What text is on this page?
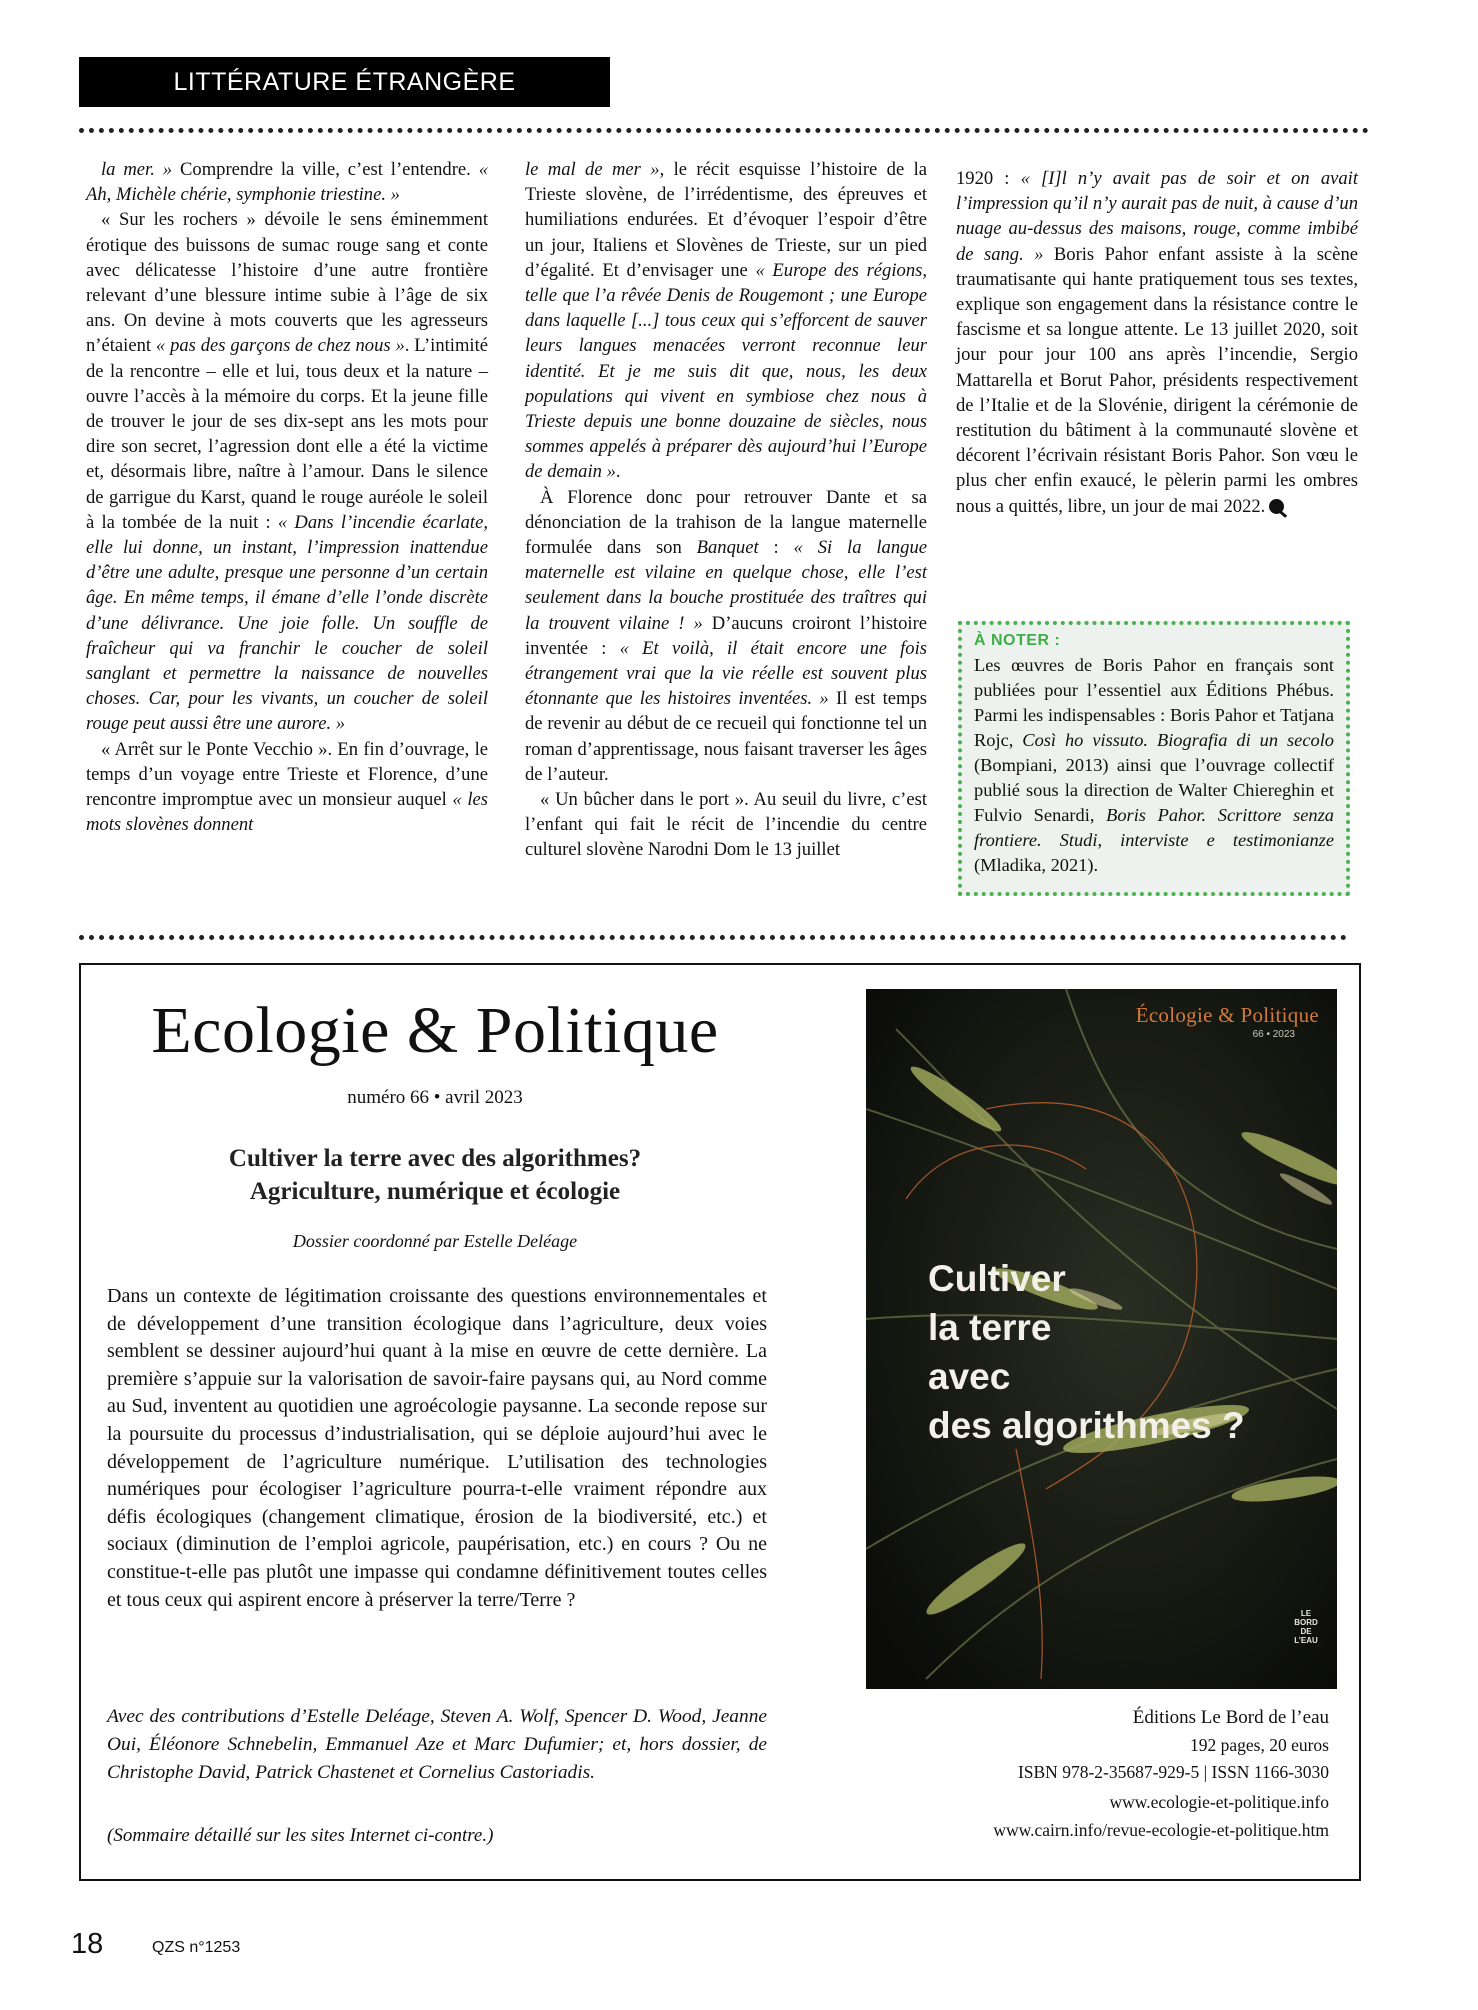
LITTÉRATURE ÉTRANGÈRE

la mer. » Comprendre la ville, c’est l’entendre. « Ah, Michèle chérie, symphonie triestine. »

« Sur les rochers » dévoile le sens éminemment érotique des buissons de sumac rouge sang et conte avec délicatesse l’histoire d’une autre frontière relevant d’une blessure intime subie à l’âge de six ans. On devine à mots couverts que les agresseurs n’étaient « pas des garçons de chez nous ». L’intimité de la rencontre – elle et lui, tous deux et la nature – ouvre l’accès à la mémoire du corps. Et la jeune fille de trouver le jour de ses dix-sept ans les mots pour dire son secret, l’agression dont elle a été la victime et, désormais libre, naître à l’amour. Dans le silence de garrigue du Karst, quand le rouge auréole le soleil à la tombée de la nuit : « Dans l’incendie écarlate, elle lui donne, un instant, l’impression inattendue d’être une adulte, presque une personne d’un certain âge. En même temps, il émane d’elle l’onde discrète d’une délivrance. Une joie folle. Un souffle de fraîcheur qui va franchir le coucher de soleil sanglant et permettre la naissance de nouvelles choses. Car, pour les vivants, un coucher de soleil rouge peut aussi être une aurore. »

« Arrêt sur le Ponte Vecchio ». En fin d’ouvrage, le temps d’un voyage entre Trieste et Florence, d’une rencontre impromptue avec un monsieur auquel « les mots slovènes donnent

le mal de mer », le récit esquisse l’histoire de la Trieste slovène, de l’irrédentisme, des épreuves et humiliations endurées. Et d’évoquer l’espoir d’être un jour, Italiens et Slovènes de Trieste, sur un pied d’égalité. Et d’envisager une « Europe des régions, telle que l’a rêvée Denis de Rougemont ; une Europe dans laquelle [...] tous ceux qui s’efforcent de sauver leurs langues menacées verront reconnue leur identité. Et je me suis dit que, nous, les deux populations qui vivent en symbiose chez nous à Trieste depuis une bonne douzaine de siècles, nous sommes appelés à préparer dès aujourd’hui l’Europe de demain ».

À Florence donc pour retrouver Dante et sa dénonciation de la trahison de la langue maternelle formulée dans son Banquet : « Si la langue maternelle est vilaine en quelque chose, elle l’est seulement dans la bouche prostituée des traîtres qui la trouvent vilaine ! » D’aucuns croiront l’histoire inventée : « Et voilà, il était encore une fois étrangement vrai que la vie réelle est souvent plus étonnante que les histoires inventées. » Il est temps de revenir au début de ce recueil qui fonctionne tel un roman d’apprentissage, nous faisant traverser les âges de l’auteur.

« Un bûcher dans le port ». Au seuil du livre, c’est l’enfant qui fait le récit de l’incendie du centre culturel slovène Narodni Dom le 13 juillet

1920 : « [I]l n’y avait pas de soir et on avait l’impression qu’il n’y aurait pas de nuit, à cause d’un nuage au-dessus des maisons, rouge, comme imbibé de sang. » Boris Pahor enfant assiste à la scène traumatisante qui hante pratiquement tous ses textes, explique son engagement dans la résistance contre le fascisme et sa longue attente. Le 13 juillet 2020, soit jour pour jour 100 ans après l’incendie, Sergio Mattarella et Borut Pahor, présidents respectivement de l’Italie et de la Slovénie, dirigent la cérémonie de restitution du bâtiment à la communauté slovène et décorent l’écrivain résistant Boris Pahor. Son vœu le plus cher enfin exaucé, le pèlerin parmi les ombres nous a quittés, libre, un jour de mai 2022.

À NOTER :
Les œuvres de Boris Pahor en français sont publiées pour l’essentiel aux Éditions Phébus. Parmi les indispensables : Boris Pahor et Tatjana Rojc, Così ho vissuto. Biografia di un secolo (Bompiani, 2013) ainsi que l’ouvrage collectif publié sous la direction de Walter Chiereghin et Fulvio Senardi, Boris Pahor. Scrittore senza frontiere. Studi, interviste e testimonianze (Mladika, 2021).
Ecologie & Politique
numéro 66 • avril 2023
Cultiver la terre avec des algorithmes?
Agriculture, numérique et écologie
Dossier coordonné par Estelle Deléage
Dans un contexte de légitimation croissante des questions environnementales et de développement d’une transition écologique dans l’agriculture, deux voies semblent se dessiner aujourd’hui quant à la mise en œuvre de cette dernière. La première s’appuie sur la valorisation de savoir-faire paysans qui, au Nord comme au Sud, inventent au quotidien une agroécologie paysanne. La seconde repose sur la poursuite du processus d’industrialisation, qui se déploie aujourd’hui avec le développement de l’agriculture numérique. L’utilisation des technologies numériques pour écologiser l’agriculture pourra-t-elle vraiment répondre aux défis écologiques (changement climatique, érosion de la biodiversité, etc.) et sociaux (diminution de l’emploi agricole, paupérisation, etc.) en cours ? Ou ne constitue-t-elle pas plutôt une impasse qui condamne définitivement toutes celles et tous ceux qui aspirent encore à préserver la terre/Terre ?
Avec des contributions d’Estelle Deléage, Steven A. Wolf, Spencer D. Wood, Jeanne Oui, Éléonore Schnebelin, Emmanuel Aze et Marc Dufumier; et, hors dossier, de Christophe David, Patrick Chastenet et Cornelius Castoriadis.
(Sommaire détaillé sur les sites Internet ci-contre.)
Écologie & Politique
66 • 2023
Cultiver
la terre
avec
des algorithmes ?
LE BORD
DE L’EAU
Éditions Le Bord de l’eau
192 pages, 20 euros
ISBN 978-2-35687-929-5 | ISSN 1166-3030
www.ecologie-et-politique.info
www.cairn.info/revue-ecologie-et-politique.htm
18	QZS n°1253
